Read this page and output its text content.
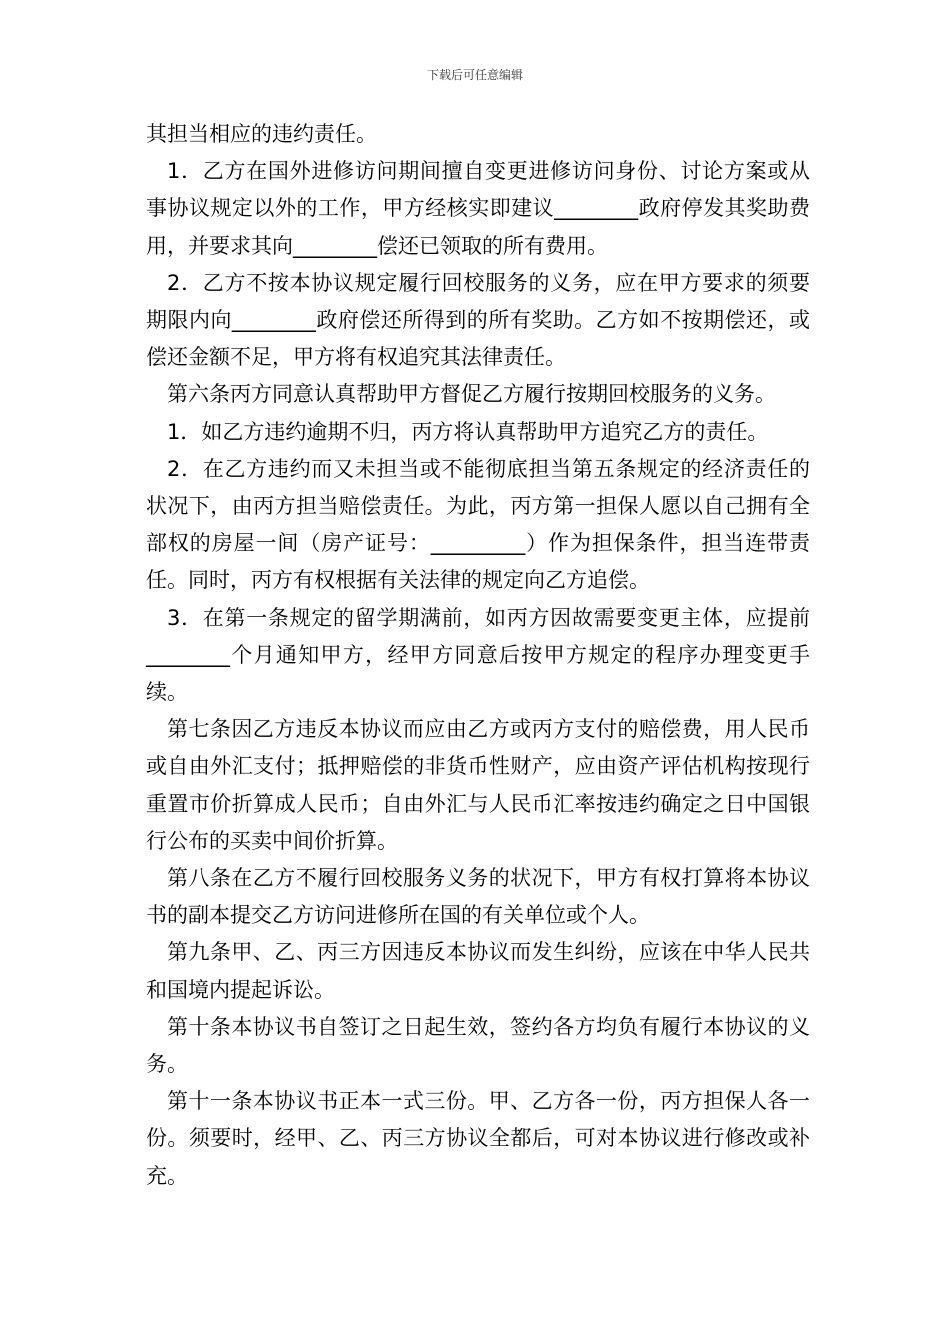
下载后可任意编辑

其担当相应的违约责任。

1．乙方在国外进修访问期间擅自变更进修访问身份、讨论方案或从事协议规定以外的工作，甲方经核实即建议________政府停发其奖助费用，并要求其向________偿还已领取的所有费用。

2．乙方不按本协议规定履行回校服务的义务，应在甲方要求的须要期限内向________政府偿还所得到的所有奖助。乙方如不按期偿还，或偿还金额不足，甲方将有权追究其法律责任。

第六条丙方同意认真帮助甲方督促乙方履行按期回校服务的义务。

1．如乙方违约逾期不归，丙方将认真帮助甲方追究乙方的责任。

2．在乙方违约而又未担当或不能彻底担当第五条规定的经济责任的状况下，由丙方担当赔偿责任。为此，丙方第一担保人愿以自己拥有全部权的房屋一间（房产证号：_________）作为担保条件，担当连带责任。同时，丙方有权根据有关法律的规定向乙方追偿。

3．在第一条规定的留学期满前，如丙方因故需要变更主体，应提前________个月通知甲方，经甲方同意后按甲方规定的程序办理变更手续。

第七条因乙方违反本协议而应由乙方或丙方支付的赔偿费，用人民币或自由外汇支付；抵押赔偿的非货币性财产，应由资产评估机构按现行重置市价折算成人民币；自由外汇与人民币汇率按违约确定之日中国银行公布的买卖中间价折算。

第八条在乙方不履行回校服务义务的状况下，甲方有权打算将本协议书的副本提交乙方访问进修所在国的有关单位或个人。

第九条甲、乙、丙三方因违反本协议而发生纠纷，应该在中华人民共和国境内提起诉讼。

第十条本协议书自签订之日起生效，签约各方均负有履行本协议的义务。

第十一条本协议书正本一式三份。甲、乙方各一份，丙方担保人各一份。须要时，经甲、乙、丙三方协议全都后，可对本协议进行修改或补充。
